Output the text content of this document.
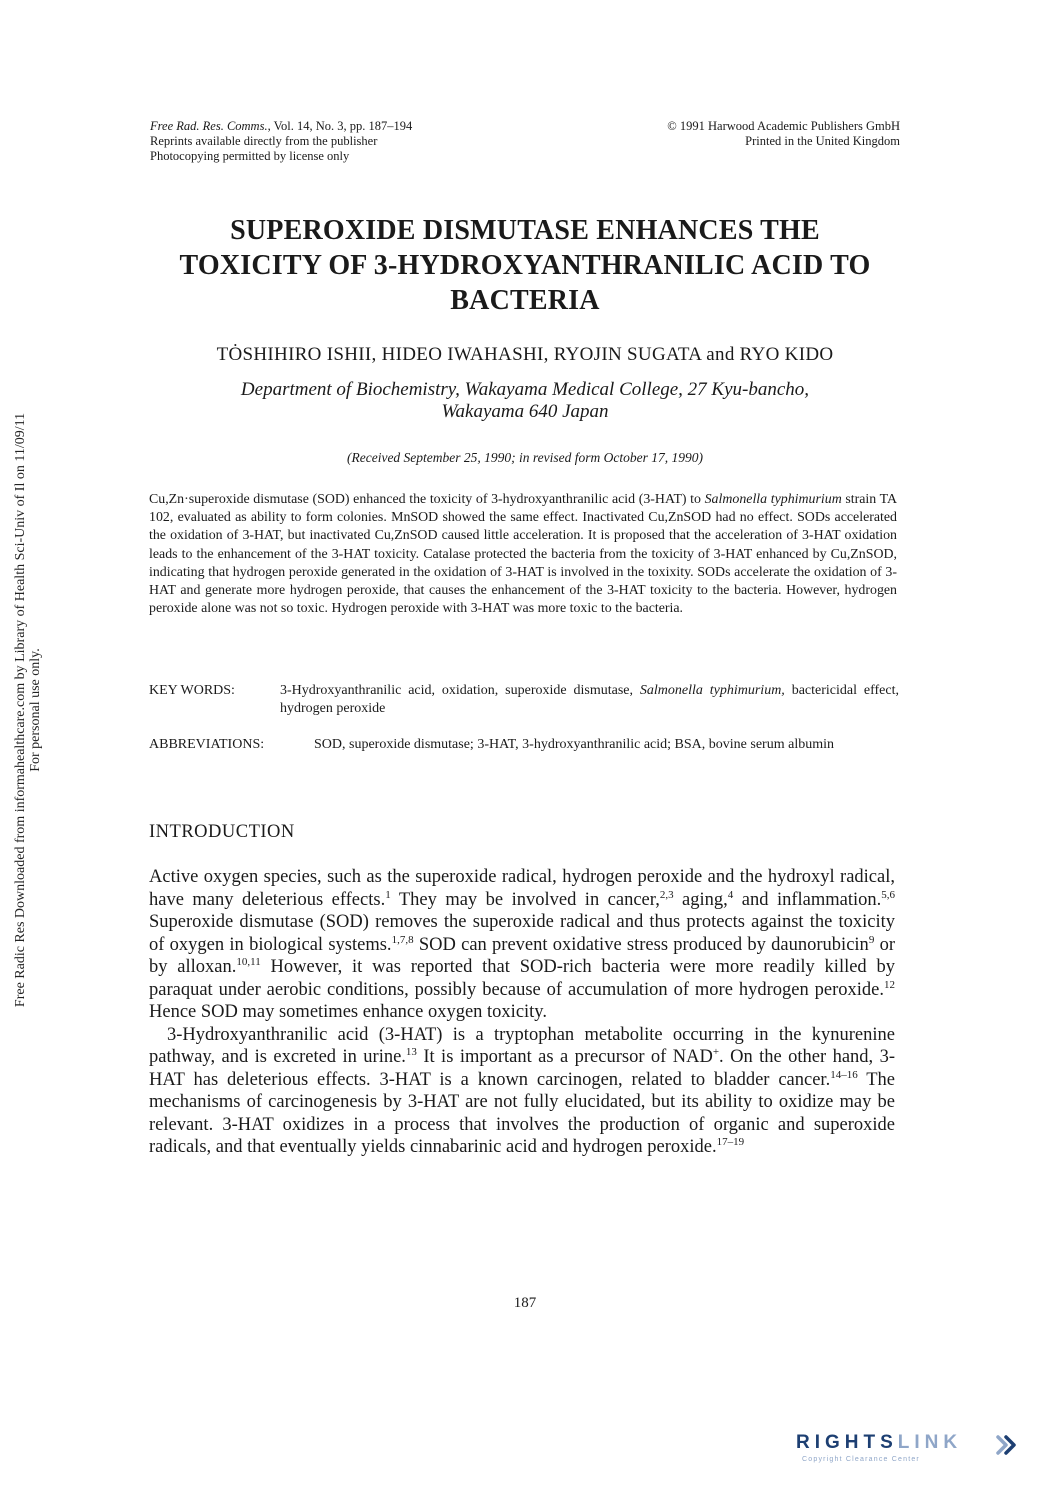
Free Rad. Res. Comms., Vol. 14, No. 3, pp. 187–194
Reprints available directly from the publisher
Photocopying permitted by license only
© 1991 Harwood Academic Publishers GmbH
Printed in the United Kingdom
SUPEROXIDE DISMUTASE ENHANCES THE
TOXICITY OF 3-HYDROXYANTHRANILIC ACID TO
BACTERIA
TȮSHIHIRO ISHII, HIDEO IWAHASHI, RYOJIN SUGATA and RYO KIDO
Department of Biochemistry, Wakayama Medical College, 27 Kyu-bancho,
Wakayama 640 Japan
(Received September 25, 1990; in revised form October 17, 1990)
Cu,Zn·superoxide dismutase (SOD) enhanced the toxicity of 3-hydroxyanthranilic acid (3-HAT) to Salmonella typhimurium strain TA 102, evaluated as ability to form colonies. MnSOD showed the same effect. Inactivated Cu,ZnSOD had no effect. SODs accelerated the oxidation of 3-HAT, but inactivated Cu,ZnSOD caused little acceleration. It is proposed that the acceleration of 3-HAT oxidation leads to the enhancement of the 3-HAT toxicity. Catalase protected the bacteria from the toxicity of 3-HAT enhanced by Cu,ZnSOD, indicating that hydrogen peroxide generated in the oxidation of 3-HAT is involved in the toxixity. SODs accelerate the oxidation of 3-HAT and generate more hydrogen peroxide, that causes the enhancement of the 3-HAT toxicity to the bacteria. However, hydrogen peroxide alone was not so toxic. Hydrogen peroxide with 3-HAT was more toxic to the bacteria.
KEY WORDS:	3-Hydroxyanthranilic acid, oxidation, superoxide dismutase, Salmonella typhimurium, bactericidal effect, hydrogen peroxide
ABBREVIATIONS:	SOD, superoxide dismutase; 3-HAT, 3-hydroxyanthranilic acid; BSA, bovine serum albumin
INTRODUCTION

Active oxygen species, such as the superoxide radical, hydrogen peroxide and the hydroxyl radical, have many deleterious effects.$^1$ They may be involved in cancer,$^{2,3}$ aging,$^4$ and inflammation.$^{5,6}$ Superoxide dismutase (SOD) removes the superoxide radical and thus protects against the toxicity of oxygen in biological systems.$^{1,7,8}$ SOD can prevent oxidative stress produced by daunorubicin$^9$ or by alloxan.$^{10,11}$ However, it was reported that SOD-rich bacteria were more readily killed by paraquat under aerobic conditions, possibly because of accumulation of more hydrogen peroxide.$^{12}$ Hence SOD may sometimes enhance oxygen toxicity.

3-Hydroxyanthranilic acid (3-HAT) is a tryptophan metabolite occurring in the kynurenine pathway, and is excreted in urine.$^{13}$ It is important as a precursor of NAD+. On the other hand, 3-HAT has deleterious effects. 3-HAT is a known carcinogen, related to bladder cancer.$^{14-16}$ The mechanisms of carcinogenesis by 3-HAT are not fully elucidated, but its ability to oxidize may be relevant. 3-HAT oxidizes in a process that involves the production of organic and superoxide radicals, and that eventually yields cinnabarinic acid and hydrogen peroxide.$^{17-19}$

187
Free Radic Res Downloaded from informahealthcare.com by Library of Health Sci-Univ of Il on 11/09/11 For personal use only.
RIGHTSLINK
Copyright Clearance Center
